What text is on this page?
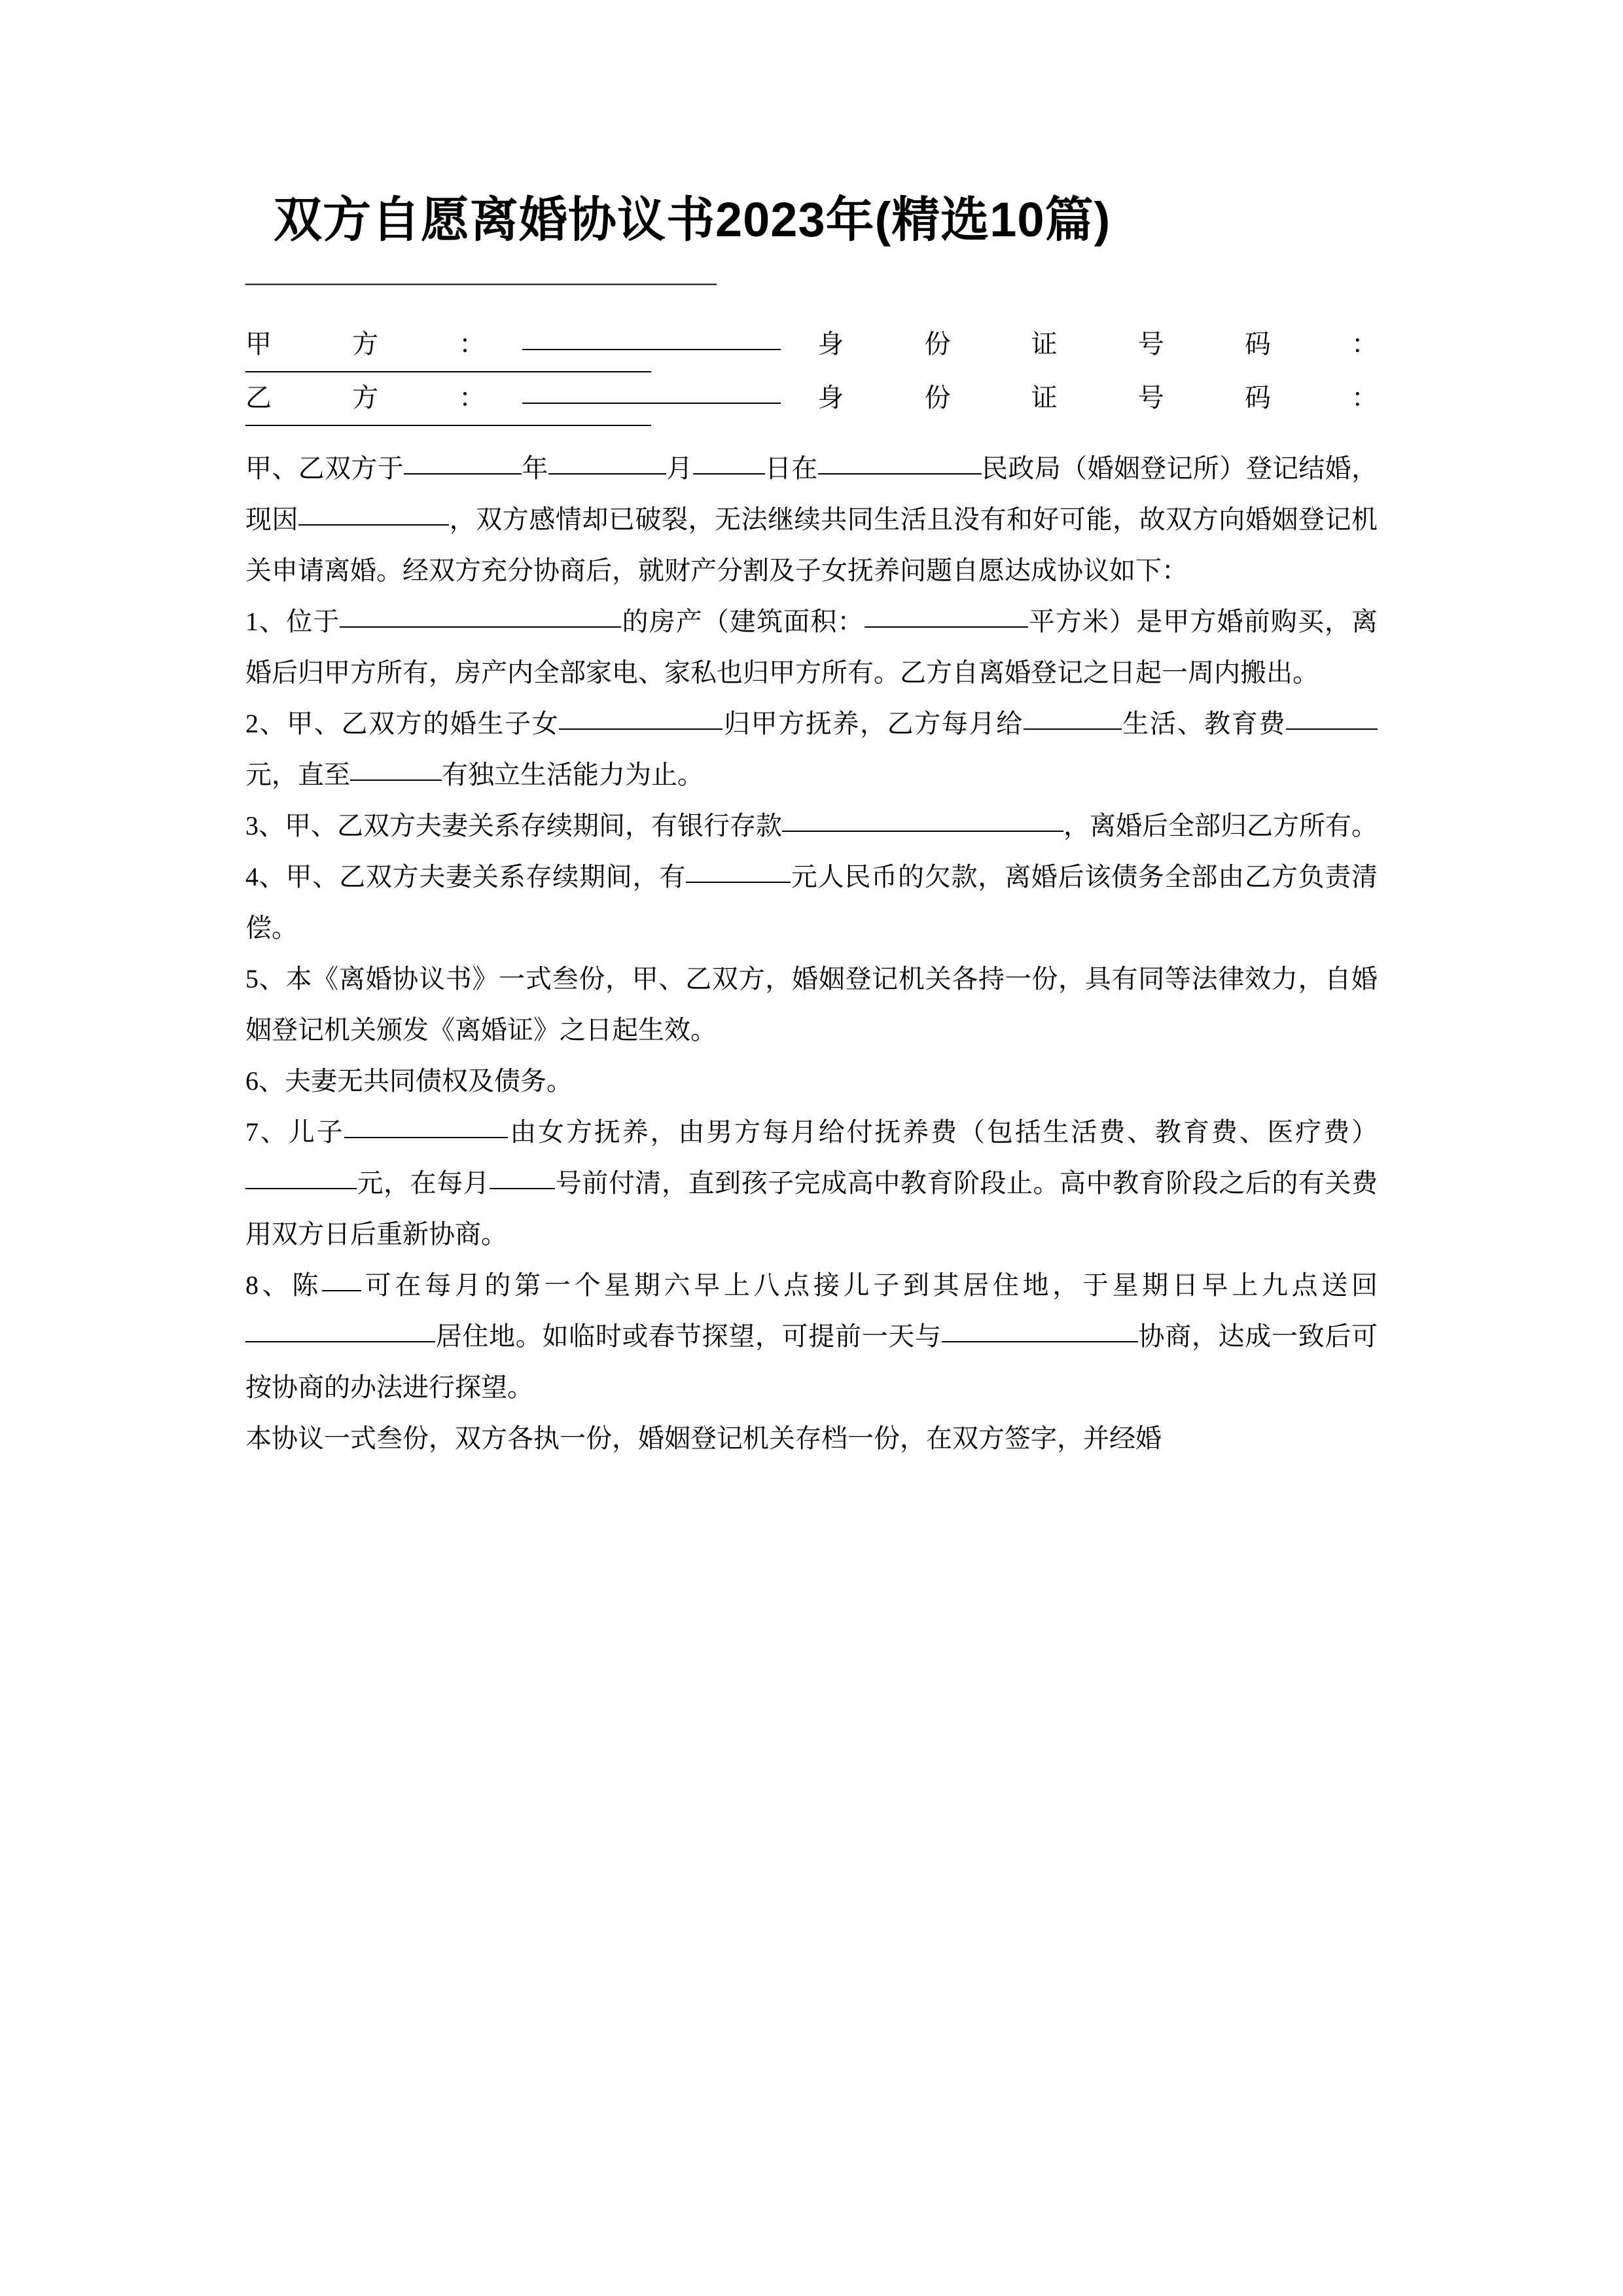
双方自愿离婚协议书2023年(精选10篇)
——————————————————
甲 方 ：	身 份 证 号 码 ：
乙 方 ：	身 份 证 号 码 ：

甲、乙双方于	年	月	日在	民政局（婚姻登记所）登记结婚，现因	，双方感情却已破裂，无法继续共同生活且没有和好可能，故双方向婚姻登记机关申请离婚。经双方充分协商后，就财产分割及子女抚养问题自愿达成协议如下：

1、位于	的房产（建筑面积：	平方米）是甲方婚前购买，离婚后归甲方所有，房产内全部家电、家私也归甲方所有。乙方自离婚登记之日起一周内搬出。

2、甲、乙双方的婚生子女	归甲方抚养，乙方每月给	生活、教育费元，直至	有独立生活能力为止。

3、甲、乙双方夫妻关系存续期间，有银行存款	，离婚后全部归乙方所有。

4、甲、乙双方夫妻关系存续期间，有	元人民币的欠款，离婚后该债务全部由乙方负责清偿。

5、本《离婚协议书》一式叁份，甲、乙双方，婚姻登记机关各持一份，具有同等法律效力，自婚姻登记机关颁发《离婚证》之日起生效。

6、夫妻无共同债权及债务。

7、儿子	由女方抚养，由男方每月给付抚养费（包括生活费、教育费、医疗费）元，在每月	号前付清，直到孩子完成高中教育阶段止。高中教育阶段之后的有关费用双方日后重新协商。

8、陈 可在每月的第一个星期六早上八点接儿子到其居住地，于星期日早上九点送回居住地。如临时或春节探望，可提前一天与	协商，达成一致后可按协商的办法进行探望。

本协议一式叁份，双方各执一份，婚姻登记机关存档一份，在双方签字，并经婚
